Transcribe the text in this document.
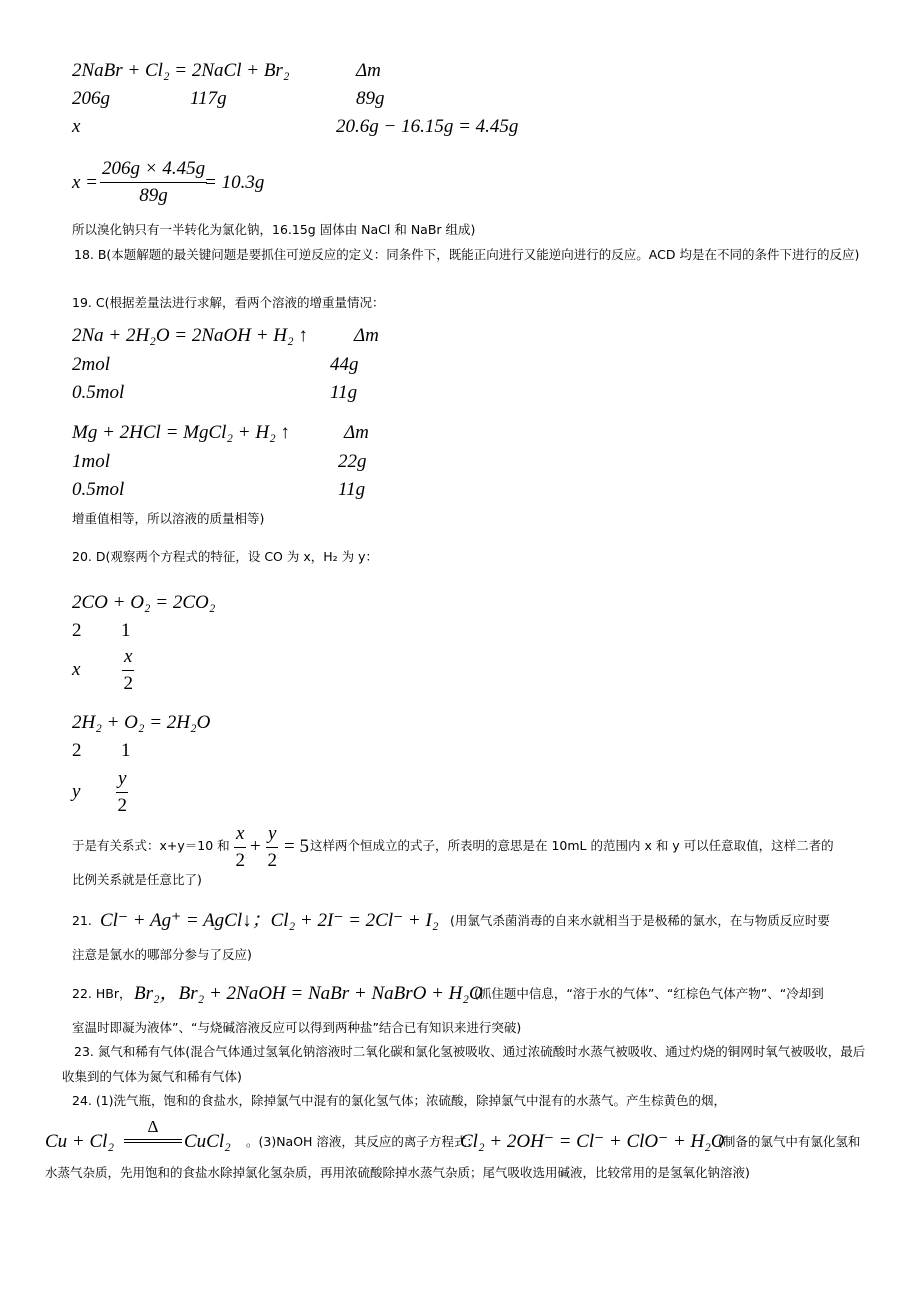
2NaBr + Cl₂ = 2NaCl + Br₂	Δm
206g	117g	89g
x	20.6g − 16.15g = 4.45g
$x = \frac{206g \times 4.45g}{89g}$
= 10.3g
所以溴化钠只有一半转化为氯化钠，16.15g 固体由 NaCl 和 NaBr 组成)
18. B(本题解题的最关键问题是要抓住可逆反应的定义：同条件下，既能正向进行又能逆向进行的反应。ACD 均是在不同的条件下进行的反应)
19. C(根据差量法进行求解，看两个溶液的增重量情况：
2Na + 2H₂O = 2NaOH + H₂ ↑ Δm
2mol	44g
0.5mol	11g
Mg + 2HCl = MgCl₂ + H₂ ↑	Δm
1mol	22g
0.5mol	11g
增重值相等，所以溶液的质量相等)
20. D(观察两个方程式的特征，设 CO 为 x，H₂ 为 y：
2CO + O₂ = 2CO₂
2 1
x $\frac{x}{2}$
2H₂ + O₂ = 2H₂O
2 1
y $\frac{y}{2}$
于是有关系式：x+y＝10 和 $\frac{x}{2} + \frac{y}{2} = 5$ 这样两个恒成立的式子，所表明的意思是在 10mL 的范围内 x 和 y 可以任意取值，这样二者的
比例关系就是任意比了)
21. Cl⁻ + Ag⁺ = AgCl↓；Cl₂ + 2I⁻ = 2Cl⁻ + I₂ (用氯气杀菌消毒的自来水就相当于是极稀的氯水，在与物质反应时要
注意是氯水的哪部分参与了反应)
22. HBr， Br₂，Br₂ + 2NaOH = NaBr + NaBrO + H₂O
(抓住题中信息，“溶于水的气体”、“红棕色气体产物”、“冷却到
室温时即凝为液体”、“与烧碱溶液反应可以得到两种盐”结合已有知识来进行突破)
23. 氮气和稀有气体(混合气体通过氢氧化钠溶液时二氧化碳和氯化氢被吸收、通过浓硫酸时水蒸气被吸收、通过灼烧的铜网时氧气被吸收，最后收集到的气体为氮气和稀有气体)
24. (1)洗气瓶，饱和的食盐水，除掉氯气中混有的氯化氢气体；浓硫酸，除掉氯气中混有的水蒸气。产生棕黄色的烟，
Cu + Cl₂
Δ
CuCl₂ 。(3)NaOH 溶液，其反应的离子方程式：
Cl₂ + 2OH⁻ = Cl⁻ + ClO⁻ + H₂O
(制备的氯气中有氯化氢和
水蒸气杂质，先用饱和的食盐水除掉氯化氢杂质，再用浓硫酸除掉水蒸气杂质；尾气吸收选用碱液，比较常用的是氢氧化钠溶液)
